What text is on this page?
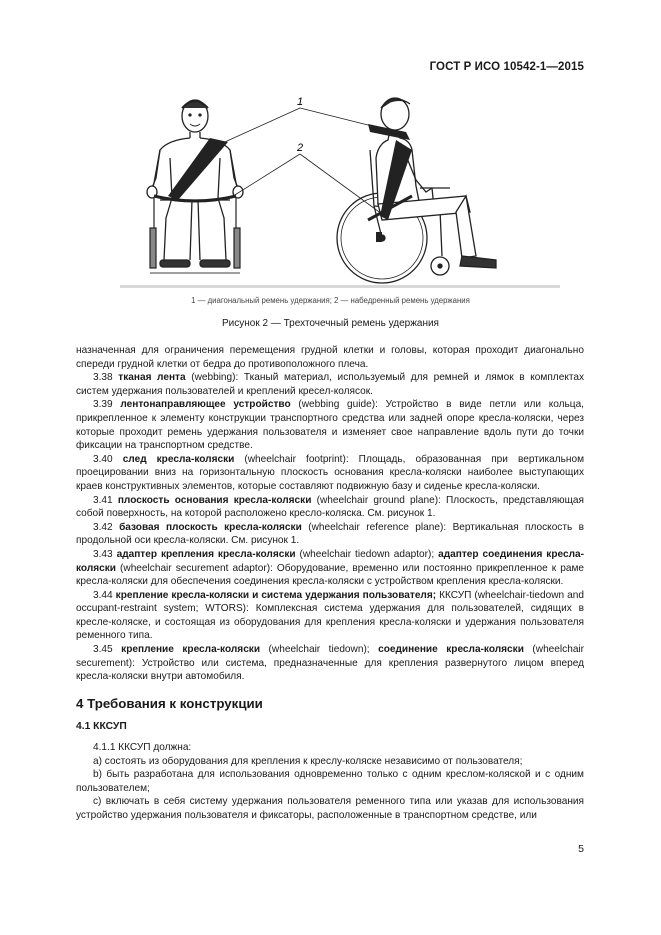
ГОСТ Р ИСО 10542-1—2015
1
2
1 — диагональный ремень удержания; 2 — набедренный ремень удержания
Рисунок 2 — Трехточечный ремень удержания

назначенная для ограничения перемещения грудной клетки и головы, которая проходит диагонально спереди грудной клетки от бедра до противоположного плеча.

3.38 тканая лента (webbing): Тканый материал, используемый для ремней и лямок в комплектах систем удержания пользователей и креплений кресел-колясок.

3.39 лентонаправляющее устройство (webbing guide): Устройство в виде петли или кольца, прикрепленное к элементу конструкции транспортного средства или задней опоре кресла-коляски, через которые проходит ремень удержания пользователя и изменяет свое направление вдоль пути до точки фиксации на транспортном средстве.

3.40 след кресла-коляски (wheelchair footprint): Площадь, образованная при вертикальном проецировании вниз на горизонтальную плоскость основания кресла-коляски наиболее выступающих краев конструктивных элементов, которые составляют подвижную базу и сиденье кресла-коляски.

3.41 плоскость основания кресла-коляски (wheelchair ground plane): Плоскость, представляющая собой поверхность, на которой расположено кресло-коляска. См. рисунок 1.

3.42 базовая плоскость кресла-коляски (wheelchair reference plane): Вертикальная плоскость в продольной оси кресла-коляски. См. рисунок 1.

3.43 адаптер крепления кресла-коляски (wheelchair tiedown adaptor); адаптер соединения кресла-коляски (wheelchair securement adaptor): Оборудование, временно или постоянно прикрепленное к раме кресла-коляски для обеспечения соединения кресла-коляски с устройством крепления кресла-коляски.

3.44 крепление кресла-коляски и система удержания пользователя; ККСУП (wheelchair-tiedown and occupant-restraint system; WTORS): Комплексная система удержания для пользователей, сидящих в кресле-коляске, и состоящая из оборудования для крепления кресла-коляски и удержания пользователя ременного типа.

3.45 крепление кресла-коляски (wheelchair tiedown); соединение кресла-коляски (wheelchair securement): Устройство или система, предназначенные для крепления развернутого лицом вперед кресла-коляски внутри автомобиля.

4 Требования к конструкции

4.1 ККСУП

4.1.1 ККСУП должна:

a) состоять из оборудования для крепления к креслу-коляске независимо от пользователя;

b) быть разработана для использования одновременно только с одним креслом-коляской и с одним пользователем;

c) включать в себя систему удержания пользователя ременного типа или указав для использования устройство удержания пользователя и фиксаторы, расположенные в транспортном средстве, или

5
